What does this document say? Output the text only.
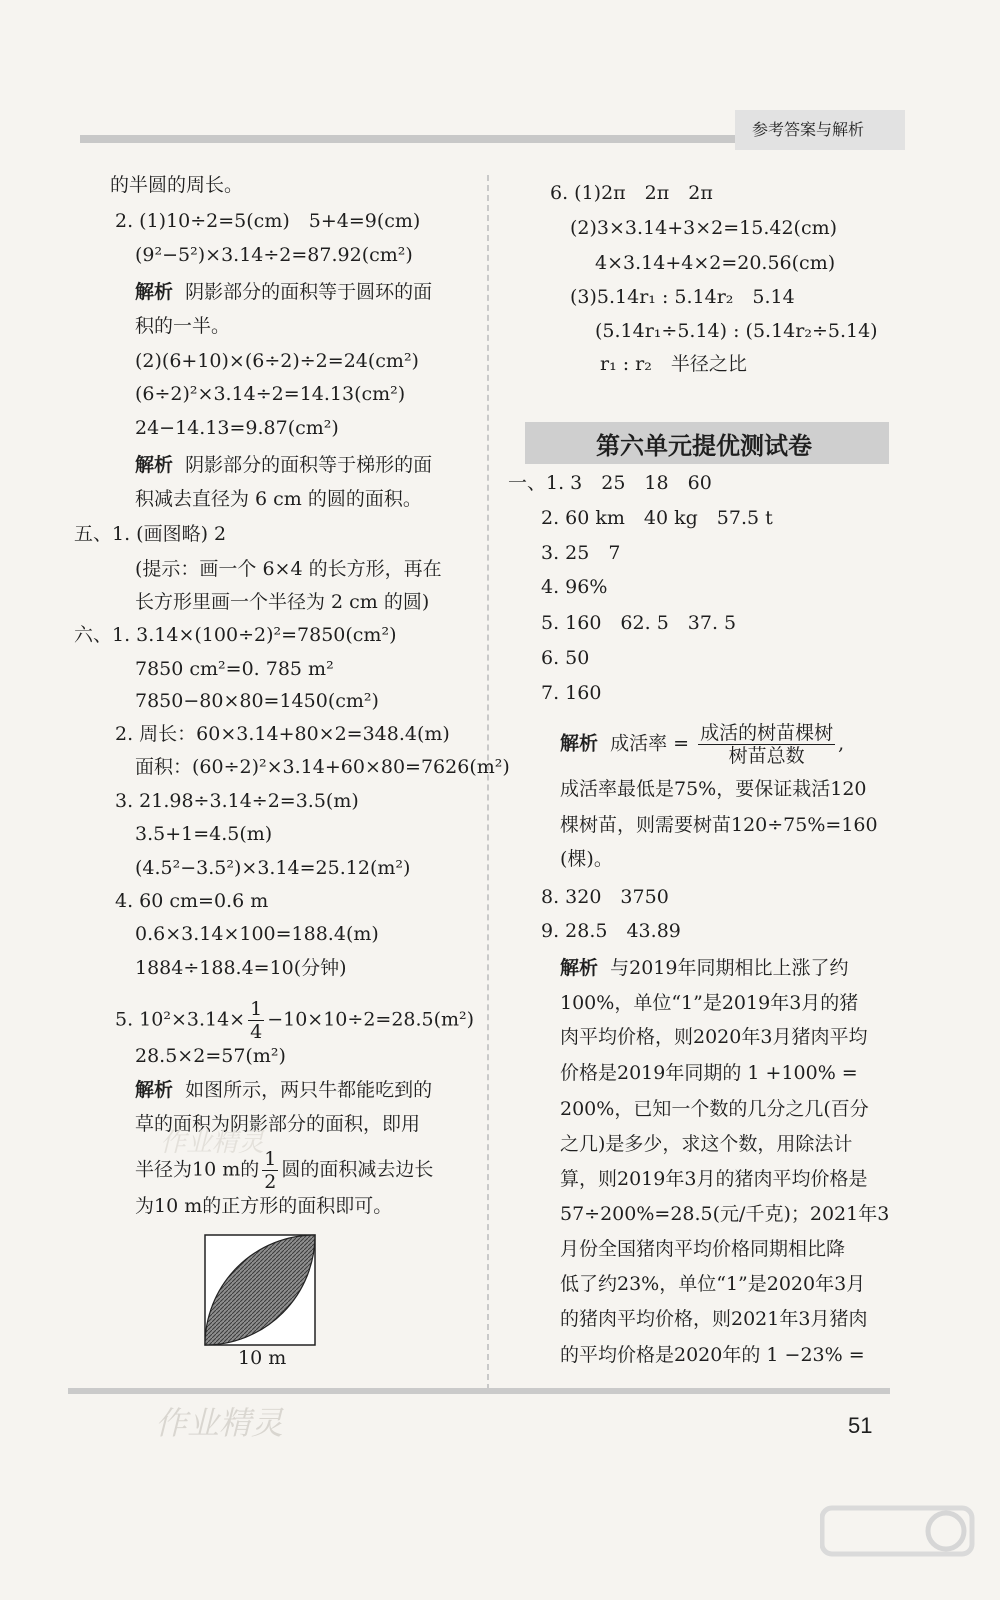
参考答案与解析
的半圆的周长。
2. (1)10÷2=5(cm)　5+4=9(cm)
(9²−5²)×3.14÷2=87.92(cm²)
解析 阴影部分的面积等于圆环的面
积的一半。
(2)(6+10)×(6÷2)÷2=24(cm²)
(6÷2)²×3.14÷2=14.13(cm²)
24−14.13=9.87(cm²)
解析 阴影部分的面积等于梯形的面
积减去直径为 6 cm 的圆的面积。
五、1. (画图略) 2
(提示：画一个 6×4 的长方形，再在
长方形里画一个半径为 2 cm 的圆)
六、1. 3.14×(100÷2)²=7850(cm²)
7850 cm²=0. 785 m²
7850−80×80=1450(cm²)
2. 周长：60×3.14+80×2=348.4(m)
面积：(60÷2)²×3.14+60×80=7626(m²)
3. 21.98÷3.14÷2=3.5(m)
3.5+1=4.5(m)
(4.5²−3.5²)×3.14=25.12(m²)
4. 60 cm=0.6 m
0.6×3.14×100=188.4(m)
1884÷188.4=10(分钟)
5. $10^2\times 3.14\times \frac{1}{4} -10\times 10\div 2=28.5(m^2)$
28.5×2=57(m²)
解析 如图所示，两只牛都能吃到的
草的面积为阴影部分的面积，即用
半径为10 m的 $\frac{1}{2}$ 圆的面积减去边长
为10 m的正方形的面积即可。
10 m
6. (1)2π　2π　2π
(2)3×3.14+3×2=15.42(cm)
4×3.14+4×2=20.56(cm)
(3)5.14r₁ : 5.14r₂　5.14
(5.14r₁÷5.14) : (5.14r₂÷5.14)
r₁ : r₂　半径之比
第六单元提优测试卷
一、1. 3　25　18　60
2. 60 km　40 kg　57.5 t
3. 25　7
4. 96%
5. 160　62. 5　37. 5
6. 50
7. 160
解析 成活率 = $\frac{\text{成活的树苗棵树}}{\text{树苗总数}}$ ,
成活率最低是75%，要保证栽活120
棵树苗，则需要树苗120÷75%=160
(棵)。
8. 320　3750
9. 28.5　43.89
解析 与2019年同期相比上涨了约
100%，单位“1”是2019年3月的猪
肉平均价格，则2020年3月猪肉平均
价格是2019年同期的 1 +100% =
200%，已知一个数的几分之几(百分
之几)是多少，求这个数，用除法计
算，则2019年3月的猪肉平均价格是
57÷200%=28.5(元/千克)；2021年3
月份全国猪肉平均价格同期相比降
低了约23%，单位“1”是2020年3月
的猪肉平均价格，则2021年3月猪肉
的平均价格是2020年的 1 −23% =
作业精灵
作业精灵
51
